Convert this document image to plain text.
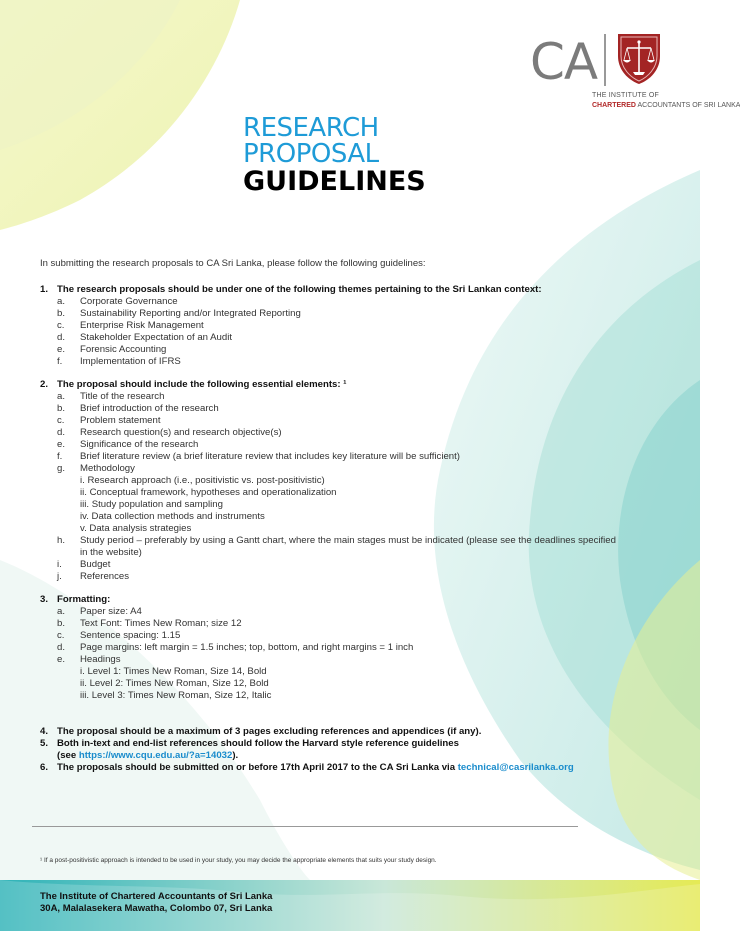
CA
THE INSTITUTE OF
CHARTERED ACCOUNTANTS OF SRI LANKA
RESEARCH
PROPOSAL
GUIDELINES
In submitting the research proposals to CA Sri Lanka, please follow the following guidelines:
1. The research proposals should be under one of the following themes pertaining to the Sri Lankan context:
a.	Corporate Governance
b.	Sustainability Reporting and/or Integrated Reporting
c.	Enterprise Risk Management
d.	Stakeholder Expectation of an Audit
e.	Forensic Accounting
f.	Implementation of IFRS
2. The proposal should include the following essential elements: ¹
a.	Title of the research
b.	Brief introduction of the research
c.	Problem statement
d.	Research question(s) and research objective(s)
e.	Significance of the research
f.	Brief literature review (a brief literature review that includes key literature will be sufficient)
g.	Methodology
i. Research approach (i.e., positivistic vs. post-positivistic)
ii. Conceptual framework, hypotheses and operationalization
iii. Study population and sampling
iv. Data collection methods and instruments
v. Data analysis strategies
h.	Study period – preferably by using a Gantt chart, where the main stages must be indicated (please see the deadlines specified in the website)
i.	Budget
j.	References
3. Formatting:
a.	Paper size: A4
b.	Text Font: Times New Roman; size 12
c.	Sentence spacing: 1.15
d.	Page margins: left margin = 1.5 inches; top, bottom, and right margins = 1 inch
e.	Headings
i. Level 1: Times New Roman, Size 14, Bold
ii. Level 2: Times New Roman, Size 12, Bold
iii. Level 3: Times New Roman, Size 12, Italic
4. The proposal should be a maximum of 3 pages excluding references and appendices (if any).
5. Both in-text and end-list references should follow the Harvard style reference guidelines
(see https://www.cqu.edu.au/?a=14032).
6. The proposals should be submitted on or before 17th April 2017 to the CA Sri Lanka via technical@casrilanka.org
¹ If a post-positivistic approach is intended to be used in your study, you may decide the appropriate elements that suits your study design.
The Institute of Chartered Accountants of Sri Lanka
30A, Malalasekera Mawatha, Colombo 07, Sri Lanka
